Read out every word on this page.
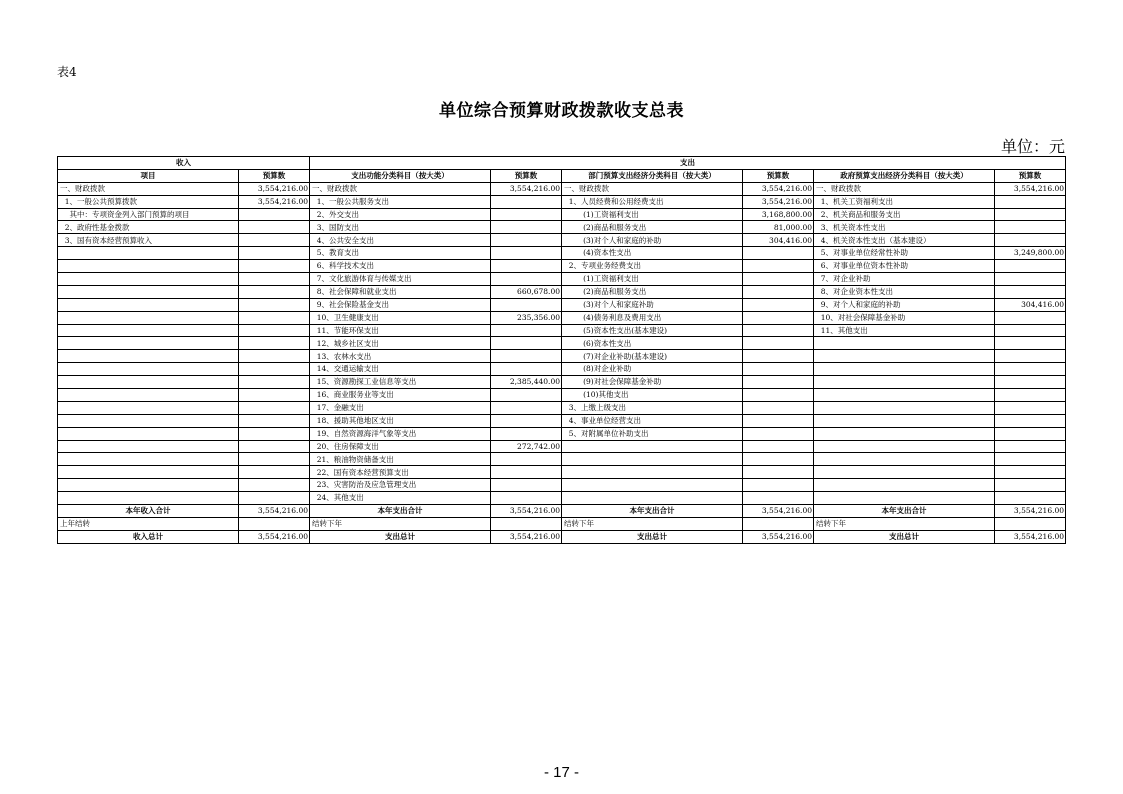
表4
单位综合预算财政拨款收支总表
单位：元
收入		支出					
项目	预算数	支出功能分类科目（按大类）	预算数	部门预算支出经济分类科目（按大类）	预算数	政府预算支出经济分类科目（按大类）	预算数
一、财政拨款	3,554,216.00	一、财政拨款	3,554,216.00	一、财政拨款	3,554,216.00	一、财政拨款	3,554,216.00
1、一般公共预算拨款	3,554,216.00	1、一般公共服务支出		1、人员经费和公用经费支出	3,554,216.00	1、机关工资福利支出	
其中：专项资金列入部门预算的项目		2、外交支出		(1)工资福利支出	3,168,800.00	2、机关商品和服务支出	
2、政府性基金拨款		3、国防支出		(2)商品和服务支出	81,000.00	3、机关资本性支出	
3、国有资本经营预算收入		4、公共安全支出		(3)对个人和家庭的补助	304,416.00	4、机关资本性支出（基本建设）	
		5、教育支出		(4)资本性支出		5、对事业单位经常性补助	3,249,800.00
		6、科学技术支出		2、专项业务经费支出		6、对事业单位资本性补助	
		7、文化旅游体育与传媒支出		(1)工资福利支出		7、对企业补助	
		8、社会保障和就业支出	660,678.00	(2)商品和服务支出		8、对企业资本性支出	
		9、社会保险基金支出		(3)对个人和家庭补助		9、对个人和家庭的补助	304,416.00
		10、卫生健康支出	235,356.00	(4)债务利息及费用支出		10、对社会保障基金补助	
		11、节能环保支出		(5)资本性支出(基本建设)		11、其他支出	
		12、城乡社区支出		(6)资本性支出			
		13、农林水支出		(7)对企业补助(基本建设)			
		14、交通运输支出		(8)对企业补助			
		15、资源勘探工业信息等支出	2,385,440.00	(9)对社会保障基金补助			
		16、商业服务业等支出		(10)其他支出			
		17、金融支出		3、上缴上级支出			
		18、援助其他地区支出		4、事业单位经营支出			
		19、自然资源海洋气象等支出		5、对附属单位补助支出			
		20、住房保障支出	272,742.00				
		21、粮油物资储备支出					
		22、国有资本经营预算支出					
		23、灾害防治及应急管理支出					
		24、其他支出					
本年收入合计	3,554,216.00	本年支出合计	3,554,216.00	本年支出合计	3,554,216.00	本年支出合计	3,554,216.00
上年结转		结转下年		结转下年		结转下年	
收入总计	3,554,216.00	支出总计	3,554,216.00	支出总计	3,554,216.00	支出总计	3,554,216.00
- 17 -
